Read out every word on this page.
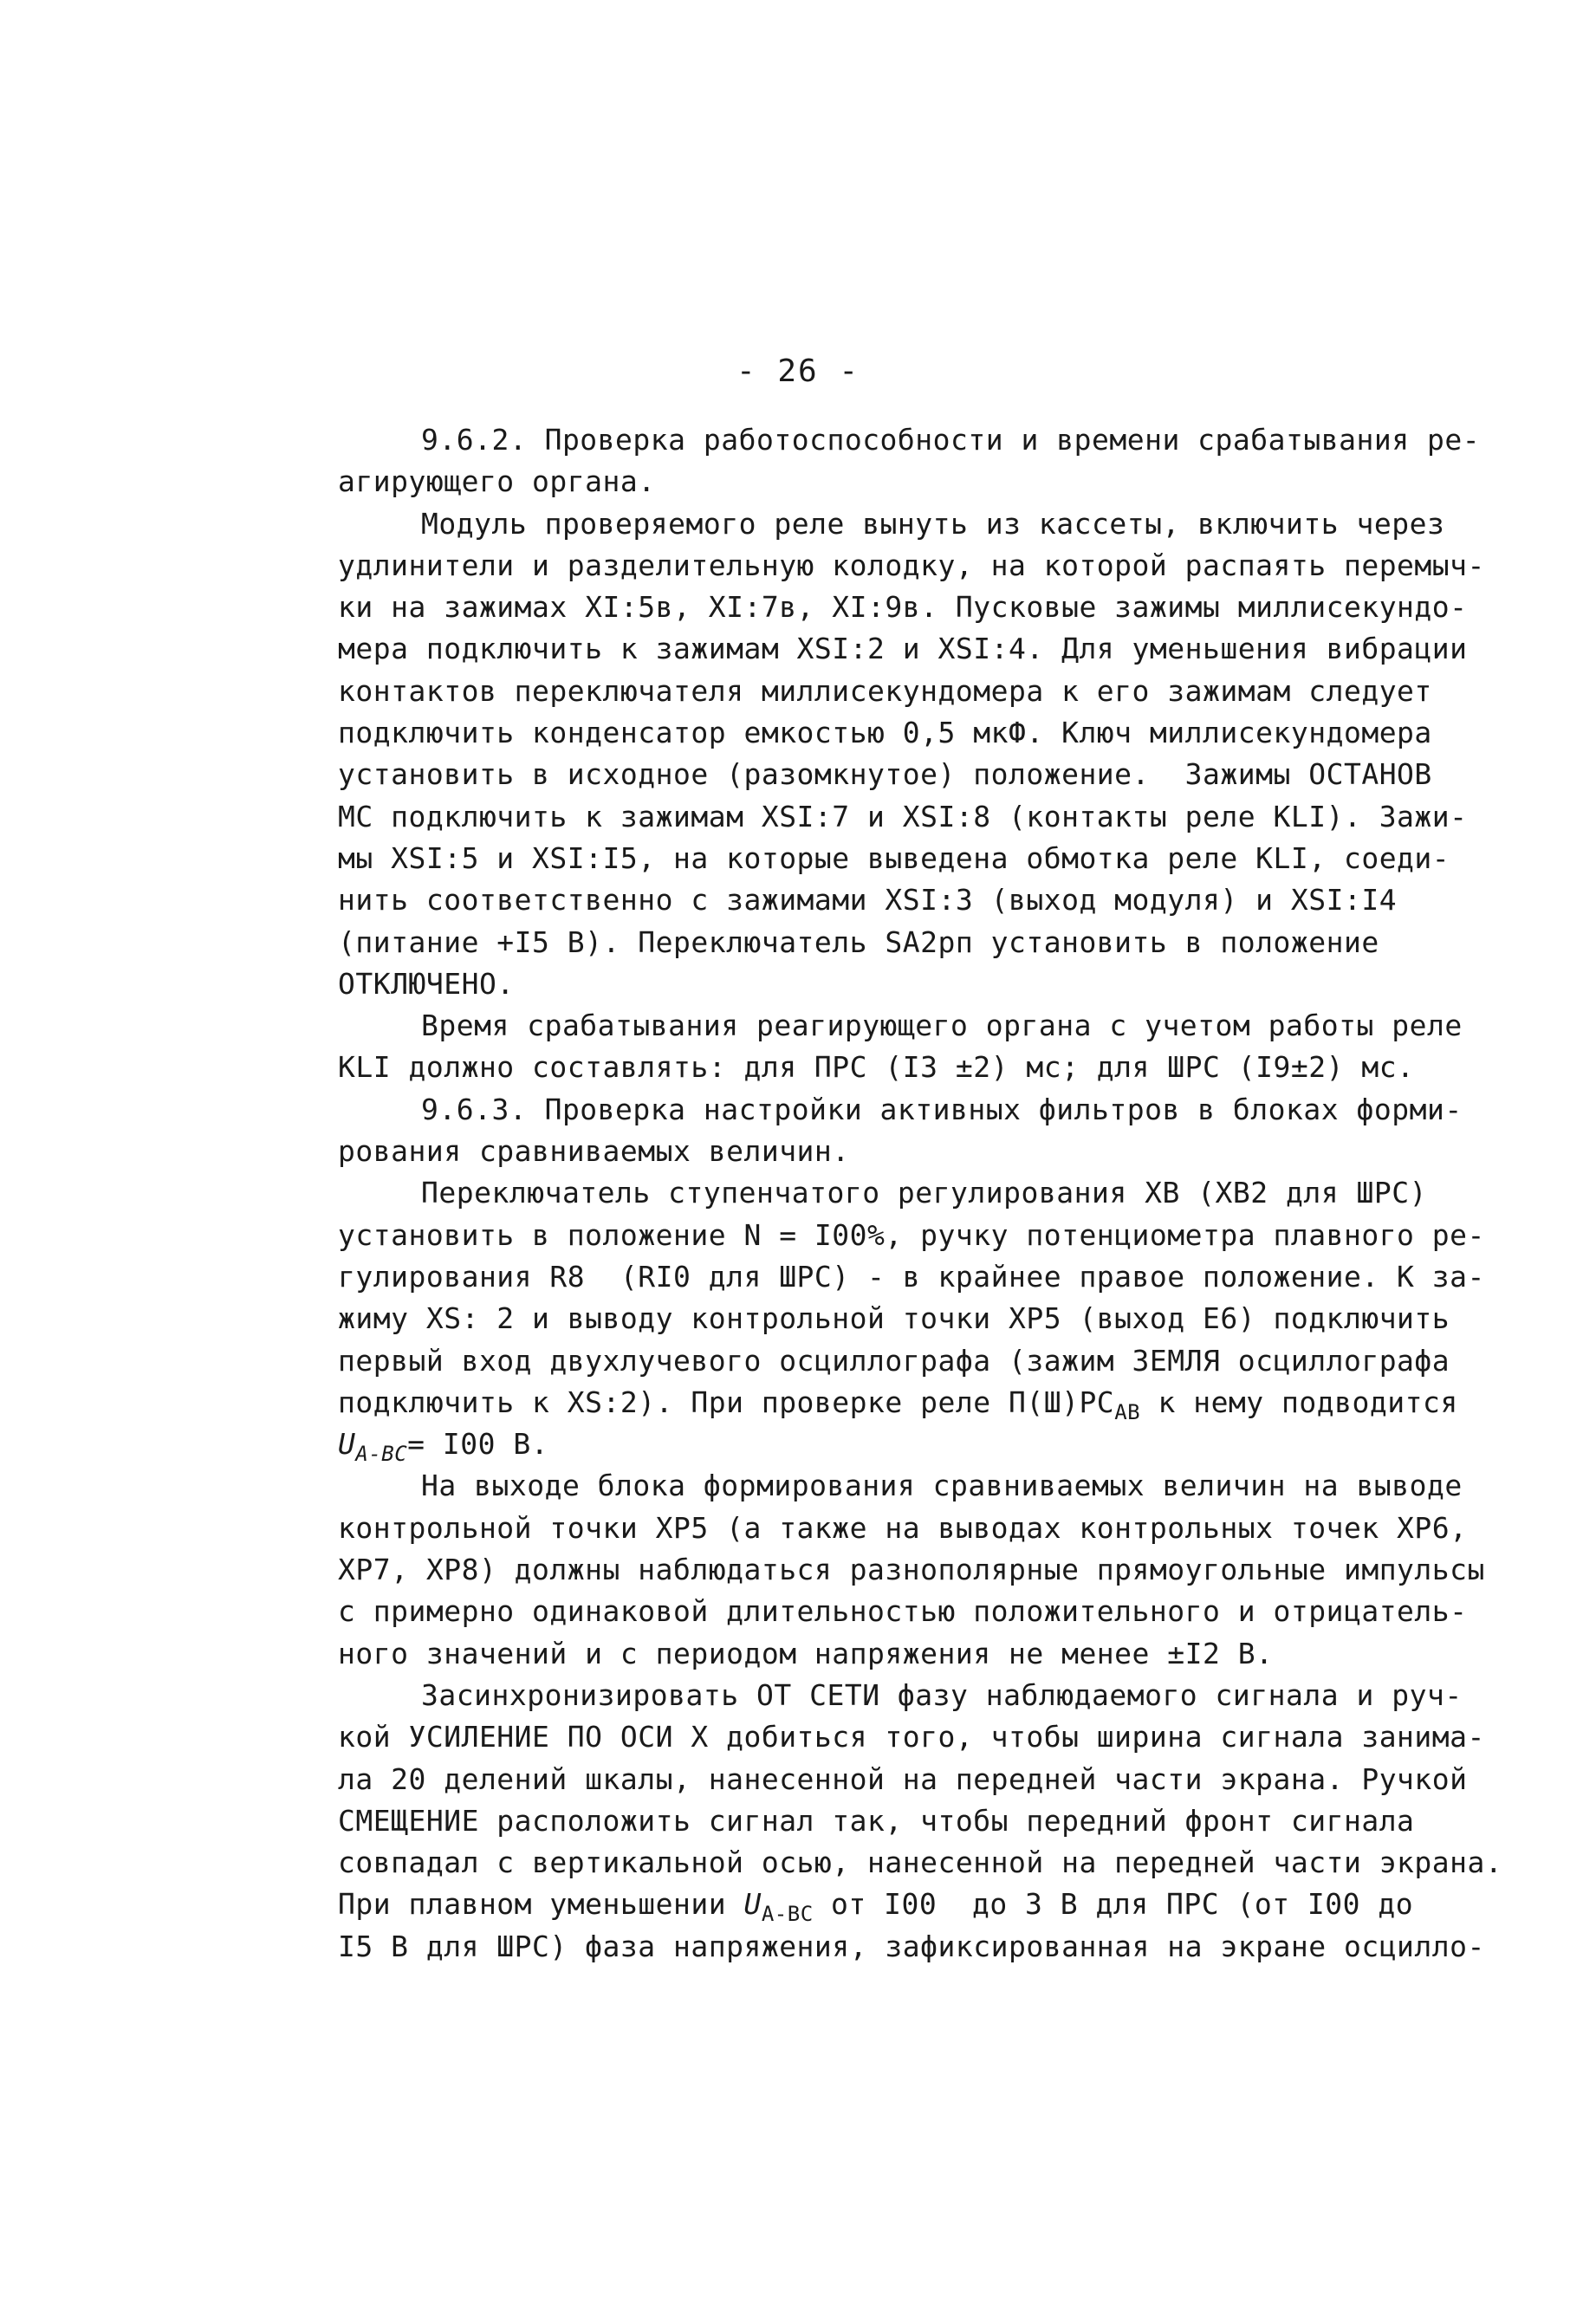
- 26 -
9.6.2. Проверка работоспособности и времени срабатывания ре-
агирующего органа.
Модуль проверяемого реле вынуть из кассеты, включить через
удлинители и разделительную колодку, на которой распаять перемыч-
ки на зажимах XI:5в, XI:7в, XI:9в. Пусковые зажимы миллисекундо-
мера подключить к зажимам XSI:2 и XSI:4. Для уменьшения вибрации
контактов переключателя миллисекундомера к его зажимам следует
подключить конденсатор емкостью 0,5 мкФ. Ключ миллисекундомера
установить в исходное (разомкнутое) положение.  Зажимы ОСТАНОВ
МС подключить к зажимам XSI:7 и XSI:8 (контакты реле KLI). Зажи-
мы XSI:5 и XSI:I5, на которые выведена обмотка реле KLI, соеди-
нить соответственно с зажимами XSI:3 (выход модуля) и XSI:I4
(питание +I5 В). Переключатель SA2рп установить в положение
ОТКЛЮЧЕНО.
Время срабатывания реагирующего органа с учетом работы реле
KLI должно составлять: для ПРС (I3 ±2) мс; для ШРС (I9±2) мс.
9.6.3. Проверка настройки активных фильтров в блоках форми-
рования сравниваемых величин.
Переключатель ступенчатого регулирования ХВ (ХВ2 для ШРС)
установить в положение N = I00%, ручку потенциометра плавного ре-
гулирования R8  (RI0 для ШРС) - в крайнее правое положение. К за-
жиму XS: 2 и выводу контрольной точки ХР5 (выход Е6) подключить
первый вход двухлучевого осциллографа (зажим ЗЕМЛЯ осциллографа
подключить к XS:2). При проверке реле $П(Ш)РС_{AB}$ к нему подводится
$U_{A-BC}= I00$ В.
На выходе блока формирования сравниваемых величин на выводе
контрольной точки ХР5 (а также на выводах контрольных точек ХР6,
ХР7, ХР8) должны наблюдаться разнополярные прямоугольные импульсы
с примерно одинаковой длительностью положительного и отрицатель-
ного значений и с периодом напряжения не менее ±I2 В.
Засинхронизировать ОТ СЕТИ фазу наблюдаемого сигнала и руч-
кой УСИЛЕНИЕ ПО ОСИ Х добиться того, чтобы ширина сигнала занима-
ла 20 делений шкалы, нанесенной на передней части экрана. Ручкой
СМЕЩЕНИЕ расположить сигнал так, чтобы передний фронт сигнала
совпадал с вертикальной осью, нанесенной на передней части экрана.
При плавном уменьшении $U_{A-BC}$ от I00  до 3 В для ПРС (от I00 до
I5 В для ШРС) фаза напряжения, зафиксированная на экране осцилло-
